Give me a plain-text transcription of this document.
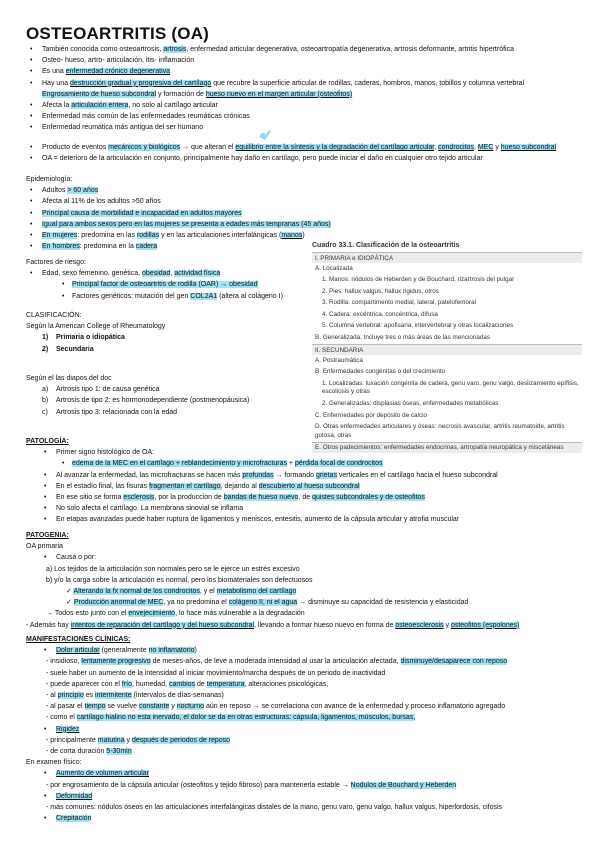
OSTEOARTRITIS (OA)
• También conocida como osteoartrosis, artrosis, enfermedad articular degenerativa, osteoartropatía degenerativa, artrosis deformante, artritis hipertrófica
• Osteo- hueso, artro- articulación, itis- inflamación
• Es una enfermedad crónico degenerativa
• Hay una destrucción gradual y progresiva del cartílago que recubre la superficie articular de rodillas, caderas, hombros, manos, tobillos y columna vertebral
Engrosamiento de hueso subcondral y formación de hueso nuevo en el margen articular (osteofitos)
• Afecta la articulación entera, no solo al cartílago articular
• Enfermedad más común de las enfermedades reumáticas crónicas
• Enfermedad reumática más antigua del ser humano
• Producto de eventos mecánicos y biológicos → que alteran el equilibrio entre la síntesis y la degradación del cartílago articular, condrocitos, MEC y hueso subcondral
• OA = deterioro de la articulación en conjunto, principalmente hay daño en cartílago, pero puede iniciar el daño en cualquier otro tejido articular
Epidemiología:
• Adultos > 60 años
• Afecta al 11% de los adultos >50 años
• Principal causa de morbilidad e incapacidad en adultos mayores
• Igual para ambos sexos pero en las mujeres se presenta a edades más tempranas (45 años)
• En mujeres: predomina en las rodillas y en las articulaciones interfalángicas (manos)
• En hombres: predomina en la cadera
Factores de riesgo:
• Edad, sexo femenino, genética, obesidad, actividad física
• Principal factor de osteoartritis de rodilla (OAR) → obesidad
• Factores genéticos: mutación del gen COL2A1 (altera al colágeno I)
CLASIFICACIÓN:
Según la American College of Rheumatology
1) Primaria o idiopática
2) Secundaria
Según el las diapos del doc
a) Artrosis tipo 1: de causa genética
b) Artrosis de tipo 2: es hormonodependiente (postmenopáusica)
c) Artrosis tipo 3: relacionada con la edad
Cuadro 33.1. Clasificación de la osteoartritis
I. PRIMARIA e IDIOPÁTICA
A. Localizada
1. Manos: nódulos de Heberden y de Bouchard, rizartrosis del pulgar
2. Pies: hallux valgus, hallux rigidus, otros
3. Rodilla: compartimento medial, lateral, patelofemoral
4. Cadera: excéntrica, concéntrica, difusa
5. Columna vertebral: apofisaria, intervertebral y otras localizaciones
B. Generalizada. Incluye tres o más áreas de las mencionadas
II. SECUNDARIA
A. Postraumática
B. Enfermedades congénitas o del crecimiento
1. Localizadas: luxación congénita de cadera, genu varo, genu valgo, deslizamiento epífisis, escoliosis y otras
2. Generalizadas: displasias óseas, enfermedades metabólicas
C. Enfermedades por depósito de calcio
D. Otras enfermedades articulares y óseas: necrosis avascular, artritis reumatoide, artritis gotosa, otras
E. Otros padecimientos: enfermedades endocrinas, artropatía neuropática y misceláneas
PATOLOGÍA:
• Primer signo histológico de OA:
• edema de la MEC en el cartílago + reblandecimiento y microfracturas + pérdida focal de condrocitos
• Al avanzar la enfermedad, las microfracturas se hacen más profundas → formando grietas verticales en el cartílago hacia el hueso subcondral
• En el estadío final, las fisuras fragmentan el cartílago, dejando al descubierto al hueso subcondral
• En ese sitio se forma esclerosis, por la produccion de bandas de hueso nuevo, de quistes subcondrales y de osteofitos
• No solo afecta el cartílago. La membrana sinovial se inflama
• En etapas avanzadas puede haber ruptura de ligamentos y meniscos, entesitis, aumento de la cápsula articular y atrofia muscular
PATOGENIA:
OA primaria
• Causa o por:
a) Los tejidos de la articulación son normales pero se le ejerce un estrés excesivo
b) y/o la carga sobre la articulación es normal, pero los biomateriales son defectuosos
✓ Alterando la fx normal de los condrocitos, y el metabolismo del cartílago
✓ Producción anormal de MEC, ya no predomina el colágeno II, ni el agua → disminuye su capacidad de resistencia y elasticidad
→ Todos esto junto con el envejecimiento, lo hace más vulnerable a la degradación
- Además hay intentos de reparación del cartílago y del hueso subcondral, llevando a formar hueso nuevo en forma de osteoesclerosis y osteofitos (espolones)
MANIFESTACIONES CLÍNICAS:
• Dolor articular (generalmente no inflamatorio)
- insidioso, lentamente progresivo de meses-años, de leve a moderada intensidad al usar la articulación afectada, disminuye/desaparece con reposo
- suele haber un aumento de la intensidad al iniciar movimiento/marcha después de un periodo de inactividad
- puede aparecer con el frío, humedad, cambios de temperatura, alteraciones psicológicas,
- al principio es intermitente (intervalos de días-semanas)
- al pasar el tiempo se vuelve constante y nocturno aún en reposo → se correlaciona con avance de la enfermedad y proceso inflamatorio agregado
- como el cartílago hialino no esta inervado, el dolor se da en otras estructuras: cápsula, ligamentos, músculos, bursas,
• Rigidez
- principalmente matutina y después de periodos de reposo
- de corta duración 5-30min
En examen físico:
• Aumento de volumen articular
- por engrosamiento de la cápsula articular (osteofitos y tejido fibroso) para mantenerla estable → Nodulos de Bouchard y Heberden
• Deformidad
- más comunes: nódulos óseos en las articulaciones interfalángicas distales de la mano, genu varo, genu valgo, hallux valgus, hiperlordosis, cifosis
• Crepitación
